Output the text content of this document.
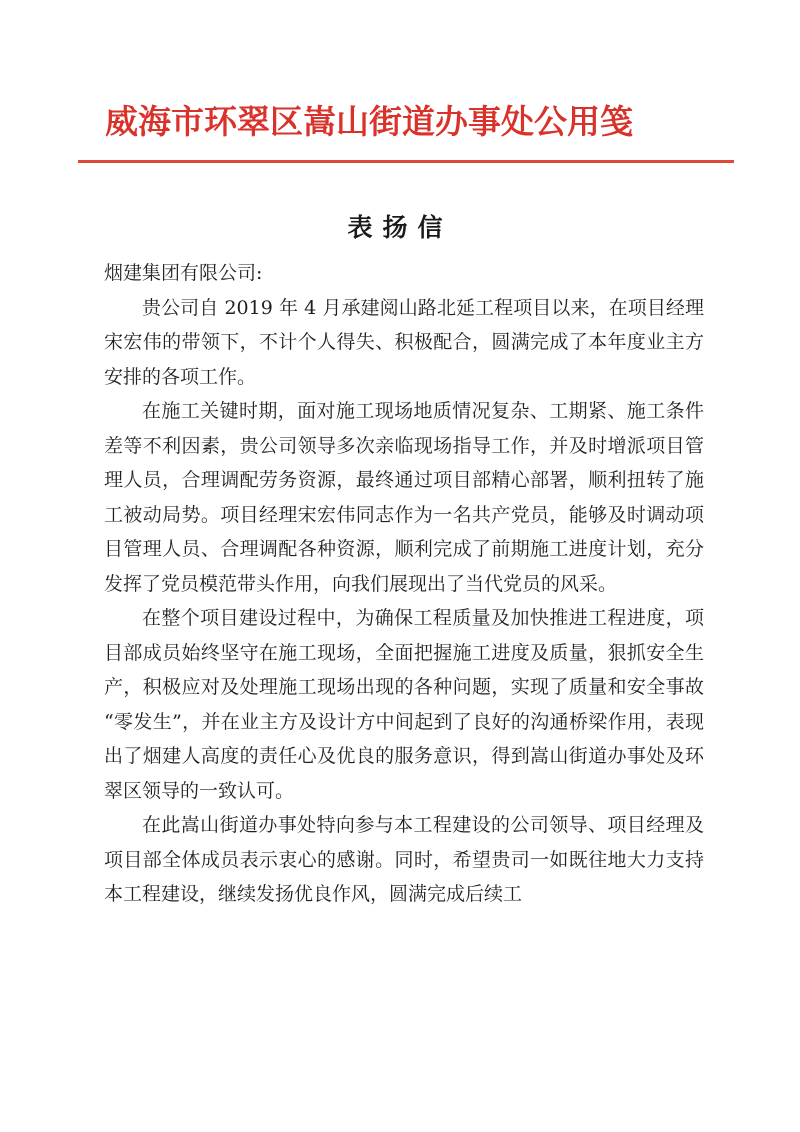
威海市环翠区嵩山街道办事处公用笺
表扬信

烟建集团有限公司:

贵公司自 2019 年 4 月承建阅山路北延工程项目以来，在项目经理宋宏伟的带领下，不计个人得失、积极配合，圆满完成了本年度业主方安排的各项工作。

在施工关键时期，面对施工现场地质情况复杂、工期紧、施工条件差等不利因素，贵公司领导多次亲临现场指导工作，并及时增派项目管理人员，合理调配劳务资源，最终通过项目部精心部署，顺利扭转了施工被动局势。项目经理宋宏伟同志作为一名共产党员，能够及时调动项目管理人员、合理调配各种资源，顺利完成了前期施工进度计划，充分发挥了党员模范带头作用，向我们展现出了当代党员的风采。

在整个项目建设过程中，为确保工程质量及加快推进工程进度，项目部成员始终坚守在施工现场，全面把握施工进度及质量，狠抓安全生产，积极应对及处理施工现场出现的各种问题，实现了质量和安全事故 “零发生”，并在业主方及设计方中间起到了良好的沟通桥梁作用，表现出了烟建人高度的责任心及优良的服务意识，得到嵩山街道办事处及环翠区领导的一致认可。

在此嵩山街道办事处特向参与本工程建设的公司领导、项目经理及项目部全体成员表示衷心的感谢。同时，希望贵司一如既往地大力支持本工程建设，继续发扬优良作风，圆满完成后续工
